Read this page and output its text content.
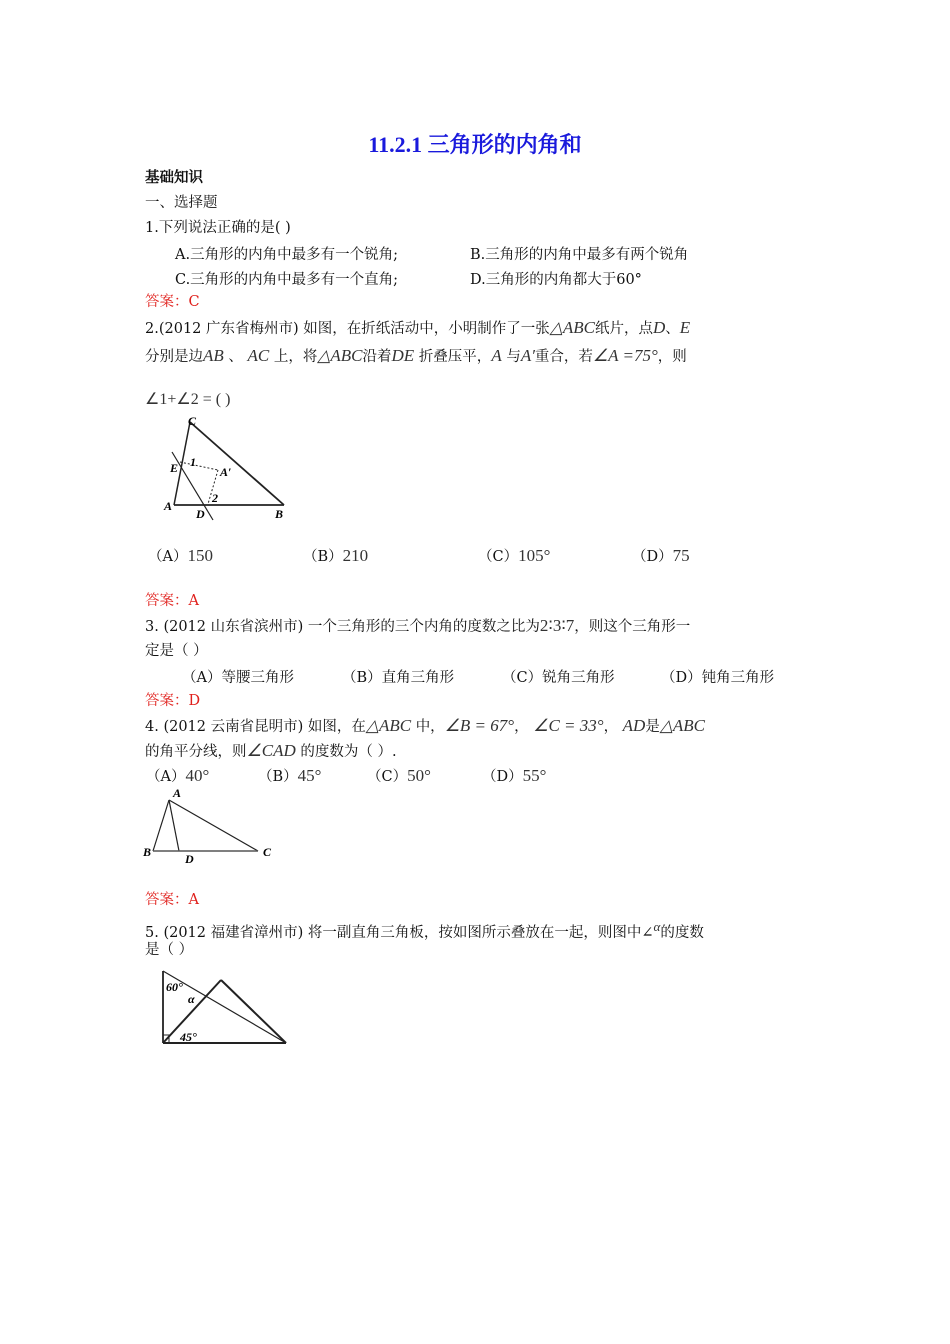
11.2.1 三角形的内角和
基础知识
一、选择题
1.下列说法正确的是( )
A.三角形的内角中最多有一个锐角;	B.三角形的内角中最多有两个锐角
C.三角形的内角中最多有一个直角;	D.三角形的内角都大于60°
答案：C
2.(2012 广东省梅州市) 如图，在折纸活动中，小明制作了一张△ABC纸片，点D、E
分别是边AB 、 AC 上，将△ABC沿着DE 折叠压平，A 与A′重合，若∠A =75°，则
∠1+∠2 = ( )
C
E 1
A′
2
A
D	B
（A）150	（B）210	（C）105°	（D）75
答案：A
3. (2012 山东省滨州市) 一个三角形的三个内角的度数之比为2∶3∶7，则这个三角形一
定是（ ）
（A）等腰三角形	（B）直角三角形	（C）锐角三角形	（D）钝角三角形
答案：D
4. (2012 云南省昆明市) 如图，在△ABC 中，∠B = 67°， ∠C = 33°， AD是△ABC
的角平分线，则∠CAD 的度数为（ ）.
（A）40°	（B）45°	（C）50°	（D）55°
A
B	D	C
答案：A
5. (2012 福建省漳州市) 将一副直角三角板，按如图所示叠放在一起，则图中∠$^\alpha$的度数
是（ ）
60°
α
45°
